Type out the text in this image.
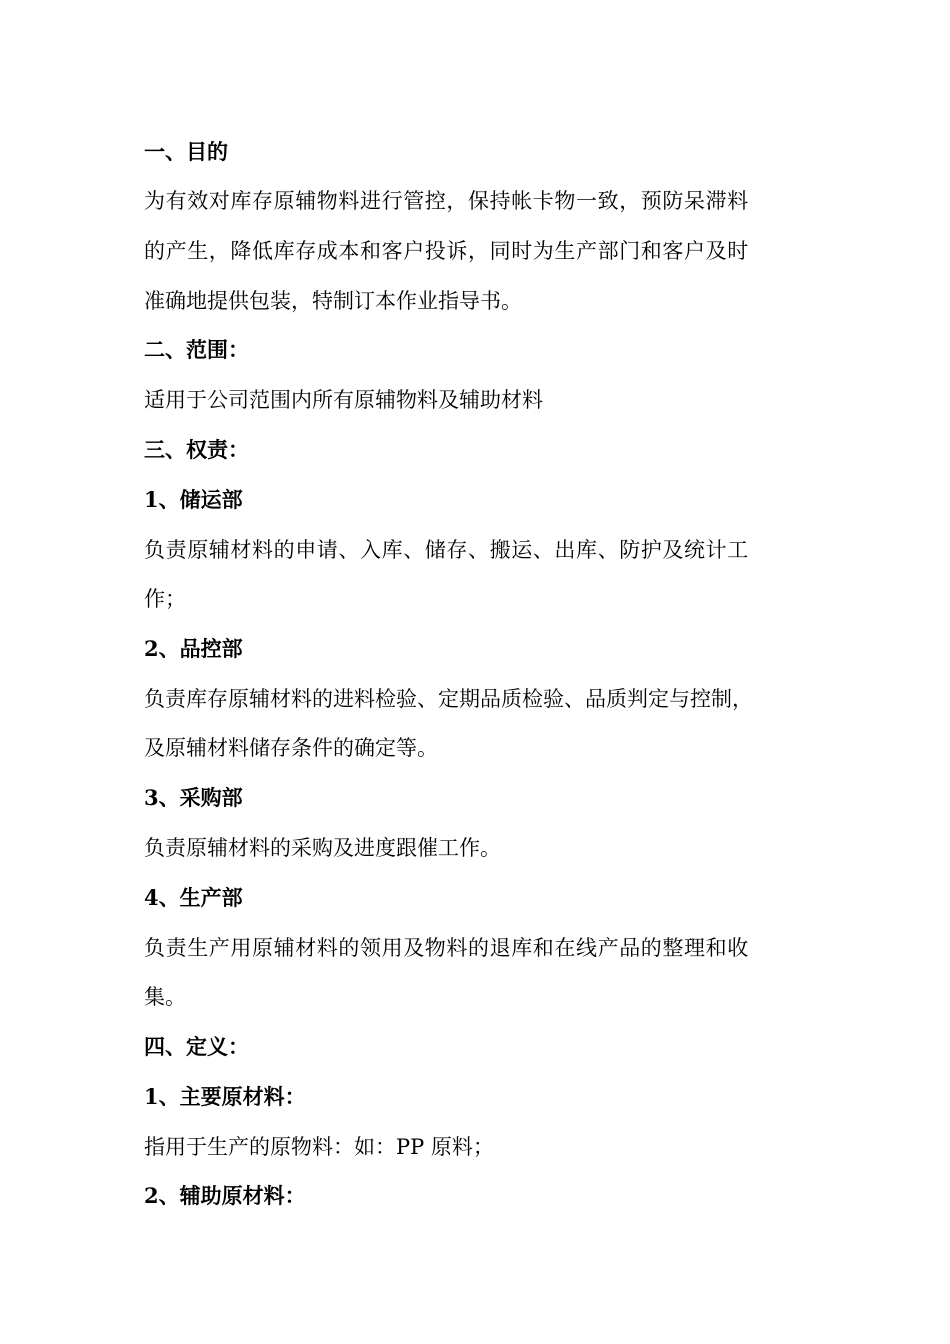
一、目的
为有效对库存原辅物料进行管控，保持帐卡物一致，预防呆滞料
的产生，降低库存成本和客户投诉，同时为生产部门和客户及时
准确地提供包装，特制订本作业指导书。
二、范围：
适用于公司范围内所有原辅物料及辅助材料
三、权责：
1、储运部
负责原辅材料的申请、入库、储存、搬运、出库、防护及统计工
作；
2、品控部
负责库存原辅材料的进料检验、定期品质检验、品质判定与控制，
及原辅材料储存条件的确定等。
3、采购部
负责原辅材料的采购及进度跟催工作。
4、生产部
负责生产用原辅材料的领用及物料的退库和在线产品的整理和收
集。
四、定义：
1、主要原材料：
指用于生产的原物料：如：PP 原料；
2、辅助原材料：
